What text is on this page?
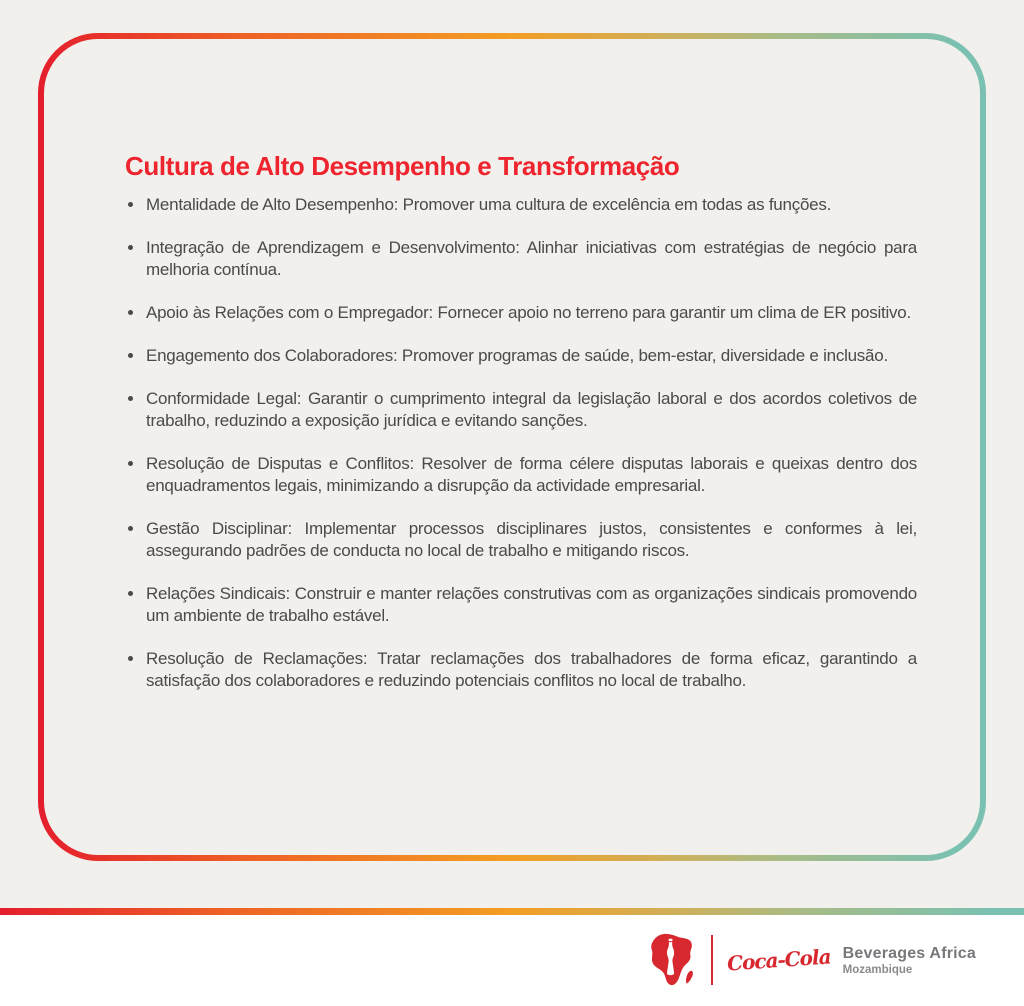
Cultura de Alto Desempenho e Transformação
Mentalidade de Alto Desempenho: Promover uma cultura de excelência em todas as funções.
Integração de Aprendizagem e Desenvolvimento: Alinhar iniciativas com estratégias de negócio para melhoria contínua.
Apoio às Relações com o Empregador: Fornecer apoio no terreno para garantir um clima de ER positivo.
Engagemento dos Colaboradores: Promover programas de saúde, bem-estar, diversidade e inclusão.
Conformidade Legal: Garantir o cumprimento integral da legislação laboral e dos acordos coletivos de trabalho, reduzindo a exposição jurídica e evitando sanções.
Resolução de Disputas e Conflitos: Resolver de forma célere disputas laborais e queixas dentro dos enquadramentos legais, minimizando a disrupção da actividade empresarial.
Gestão Disciplinar: Implementar processos disciplinares justos, consistentes e conformes à lei, assegurando padrões de conducta no local de trabalho e mitigando riscos.
Relações Sindicais: Construir e manter relações construtivas com as organizações sindicais promovendo um ambiente de trabalho estável.
Resolução de Reclamações: Tratar reclamações dos trabalhadores de forma eficaz, garantindo a satisfação dos colaboradores e reduzindo potenciais conflitos no local de trabalho.
Coca-Cola Beverages Africa
Mozambique
